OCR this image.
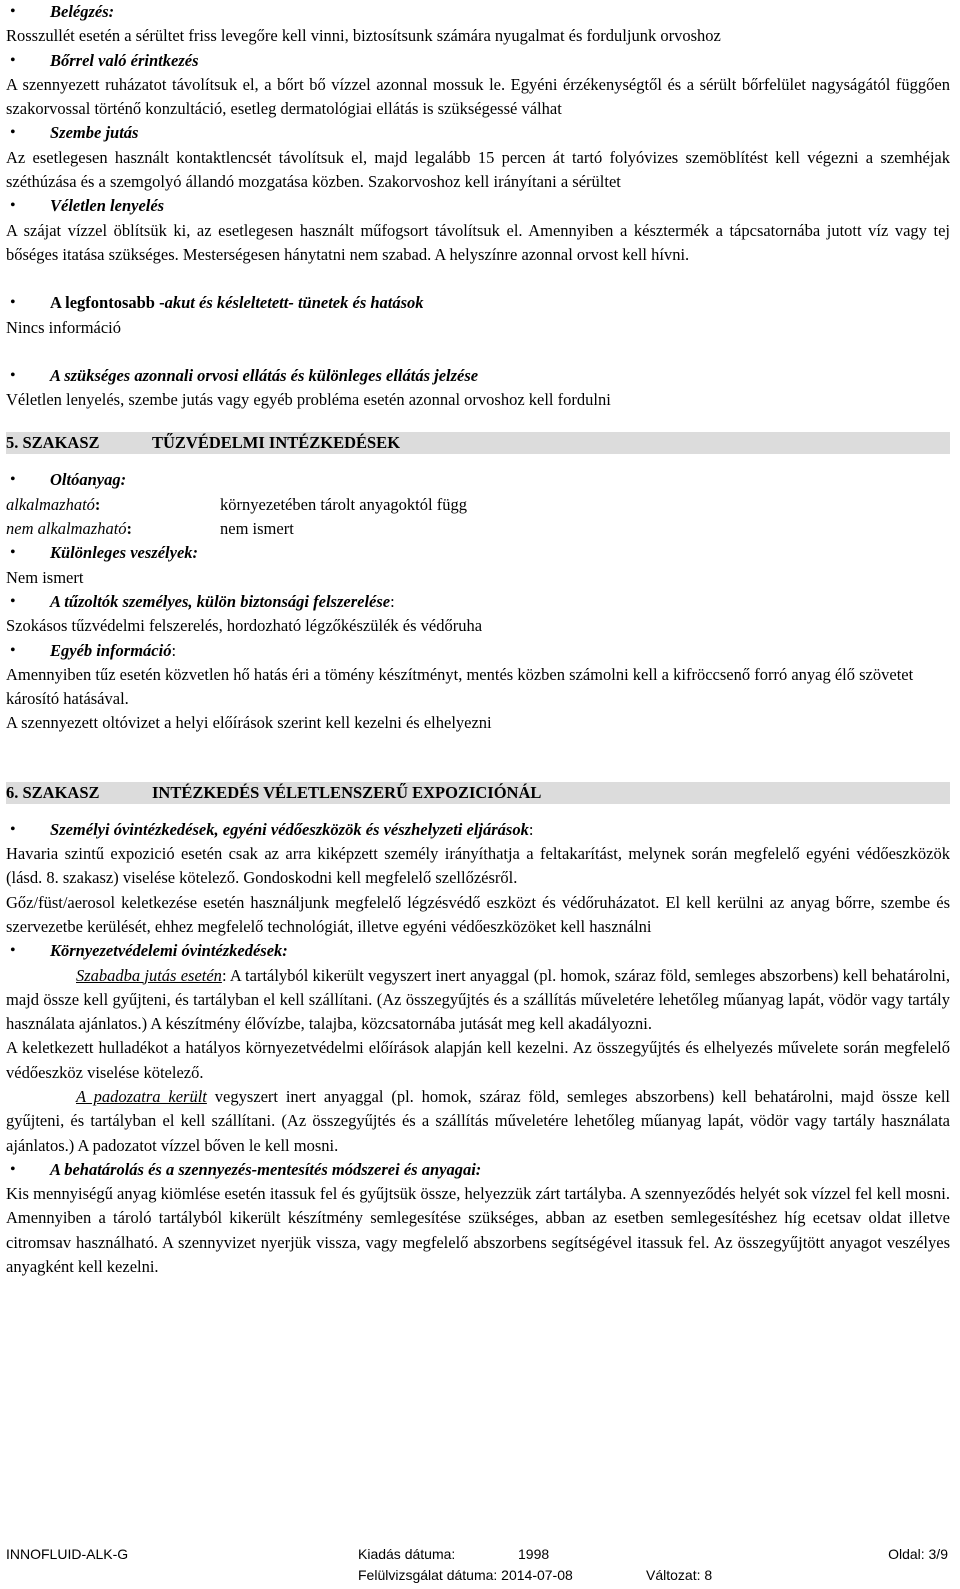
• Belégzés:

Rosszullét esetén a sérültet friss levegőre kell vinni, biztosítsunk számára nyugalmat és forduljunk orvoshoz

• Bőrrel való érintkezés

A szennyezett ruházatot távolítsuk el, a bőrt bő vízzel azonnal mossuk le. Egyéni érzékenységtől és a sérült bőrfelület nagyságától függően szakorvossal történő konzultáció, esetleg dermatológiai ellátás is szükségessé válhat

• Szembe jutás

Az esetlegesen használt kontaktlencsét távolítsuk el, majd legalább 15 percen át tartó folyóvizes szemöblítést kell végezni a szemhéjak széthúzása és a szemgolyó állandó mozgatása közben. Szakorvoshoz kell irányítani a sérültet

• Véletlen lenyelés

A szájat vízzel öblítsük ki, az esetlegesen használt műfogsort távolítsuk el. Amennyiben a késztermék a tápcsatornába jutott víz vagy tej bőséges itatása szükséges. Mesterségesen hánytatni nem szabad. A helyszínre azonnal orvost kell hívni.

• A legfontosabb -akut és késleltetett- tünetek és hatások

Nincs információ

• A szükséges azonnali orvosi ellátás és különleges ellátás jelzése

Véletlen lenyelés, szembe jutás vagy egyéb probléma esetén azonnal orvoshoz kell fordulni

5. SZAKASZ	TŰZVÉDELMI INTÉZKEDÉSEK
• Oltóanyag:
alkalmazható:	környezetében tárolt anyagoktól függ
nem alkalmazható:	nem ismert
• Különleges veszélyek:

Nem ismert

• A tűzoltók személyes, külön biztonsági felszerelése:

Szokásos tűzvédelmi felszerelés, hordozható légzőkészülék és védőruha

• Egyéb információ:

Amennyiben tűz esetén közvetlen hő hatás éri a tömény készítményt, mentés közben számolni kell a kifröccsenő forró anyag élő szövetet károsító hatásával.

A szennyezett oltóvizet a helyi előírások szerint kell kezelni és elhelyezni

6. SZAKASZ	INTÉZKEDÉS VÉLETLENSZERŰ EXPOZICIÓNÁL
• Személyi óvintézkedések, egyéni védőeszközök és vészhelyzeti eljárások:

Havaria szintű expozició esetén csak az arra kiképzett személy irányíthatja a feltakarítást, melynek során megfelelő egyéni védőeszközök (lásd. 8. szakasz) viselése kötelező. Gondoskodni kell megfelelő szellőzésről.

Gőz/füst/aerosol keletkezése esetén használjunk megfelelő légzésvédő eszközt és védőruházatot. El kell kerülni az anyag bőrre, szembe és szervezetbe kerülését, ehhez megfelelő technológiát, illetve egyéni védőeszközöket kell használni

• Környezetvédelemi óvintézkedések:

Szabadba jutás esetén: A tartályból kikerült vegyszert inert anyaggal (pl. homok, száraz föld, semleges abszorbens) kell behatárolni, majd össze kell gyűjteni, és tartályban el kell szállítani. (Az összegyűjtés és a szállítás műveletére lehetőleg műanyag lapát, vödör vagy tartály használata ajánlatos.) A készítmény élővízbe, talajba, közcsatornába jutását meg kell akadályozni.

A keletkezett hulladékot a hatályos környezetvédelmi előírások alapján kell kezelni. Az összegyűjtés és elhelyezés művelete során megfelelő védőeszköz viselése kötelező.

A padozatra került vegyszert inert anyaggal (pl. homok, száraz föld, semleges abszorbens) kell behatárolni, majd össze kell gyűjteni, és tartályban el kell szállítani. (Az összegyűjtés és a szállítás műveletére lehetőleg műanyag lapát, vödör vagy tartály használata ajánlatos.) A padozatot vízzel bőven le kell mosni.

• A behatárolás és a szennyezés-mentesítés módszerei és anyagai:

Kis mennyiségű anyag kiömlése esetén itassuk fel és gyűjtsük össze, helyezzük zárt tartályba. A szennyeződés helyét sok vízzel fel kell mosni. Amennyiben a tároló tartályból kikerült készítmény semlegesítése szükséges, abban az esetben semlegesítéshez híg ecetsav oldat illetve citromsav használható. A szennyvizet nyerjük vissza, vagy megfelelő abszorbens segítségével itassuk fel. Az összegyűjtött anyagot veszélyes anyagként kell kezelni.

INNOFLUID-ALK-G	Kiadás dátuma:	1998	Oldal: 3/9
Felülvizsgálat dátuma: 2014-07-08	Változat: 8
